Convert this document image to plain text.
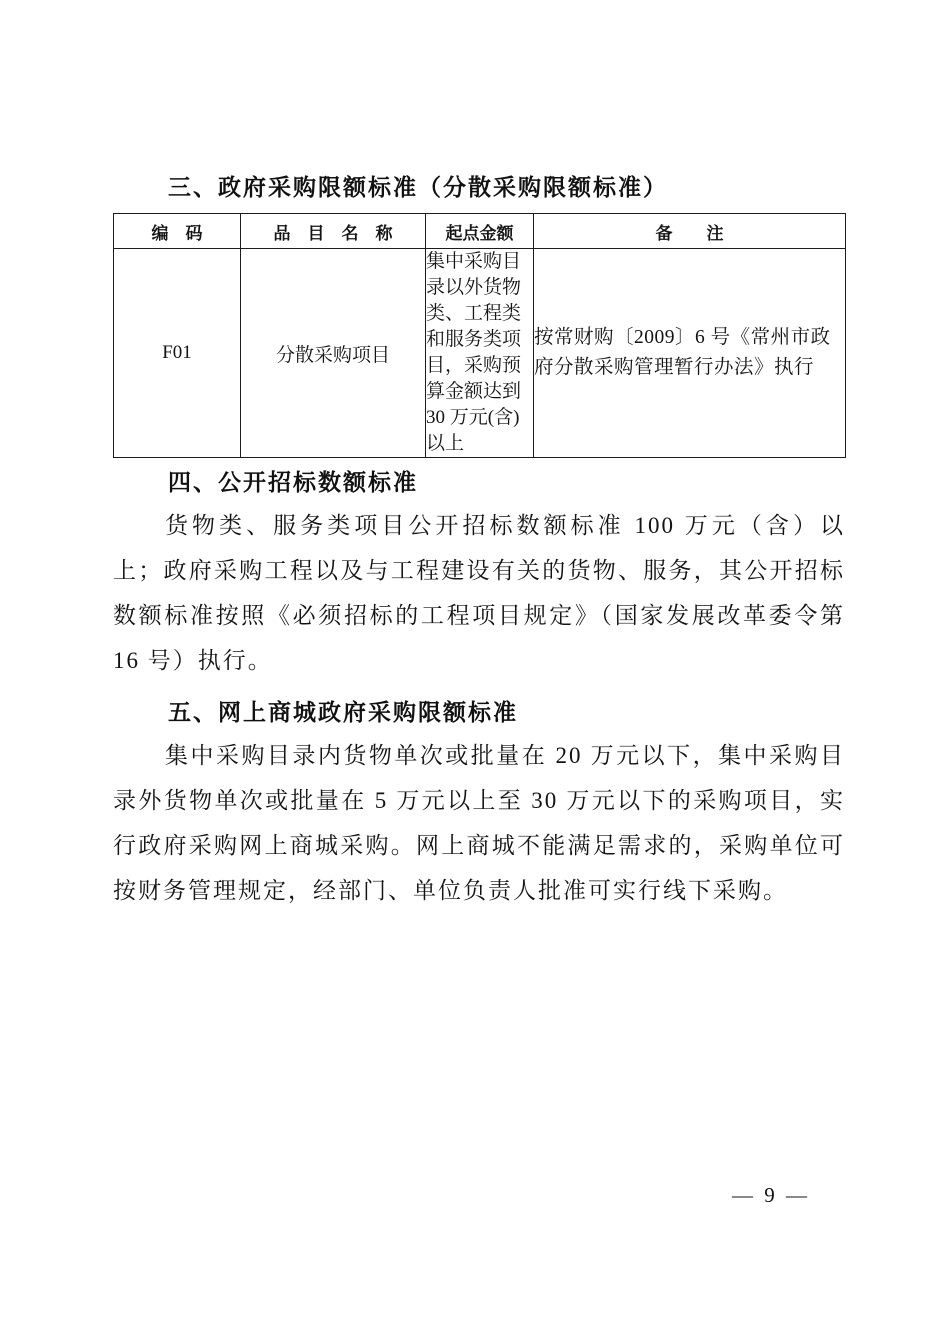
三、政府采购限额标准（分散采购限额标准）
编　码	品　目　名　称	起点金额	备　　注
F01	分散采购项目	集中采购目录以外货物类、工程类和服务类项目，采购预算金额达到 30 万元(含)以上	按常财购〔2009〕6 号《常州市政府分散采购管理暂行办法》执行
四、公开招标数额标准
货物类、服务类项目公开招标数额标准 100 万元（含）以上；政府采购工程以及与工程建设有关的货物、服务，其公开招标数额标准按照《必须招标的工程项目规定》（国家发展改革委令第 16 号）执行。
五、网上商城政府采购限额标准
集中采购目录内货物单次或批量在 20 万元以下，集中采购目录外货物单次或批量在 5 万元以上至 30 万元以下的采购项目，实行政府采购网上商城采购。网上商城不能满足需求的，采购单位可按财务管理规定，经部门、单位负责人批准可实行线下采购。
— 9 —
